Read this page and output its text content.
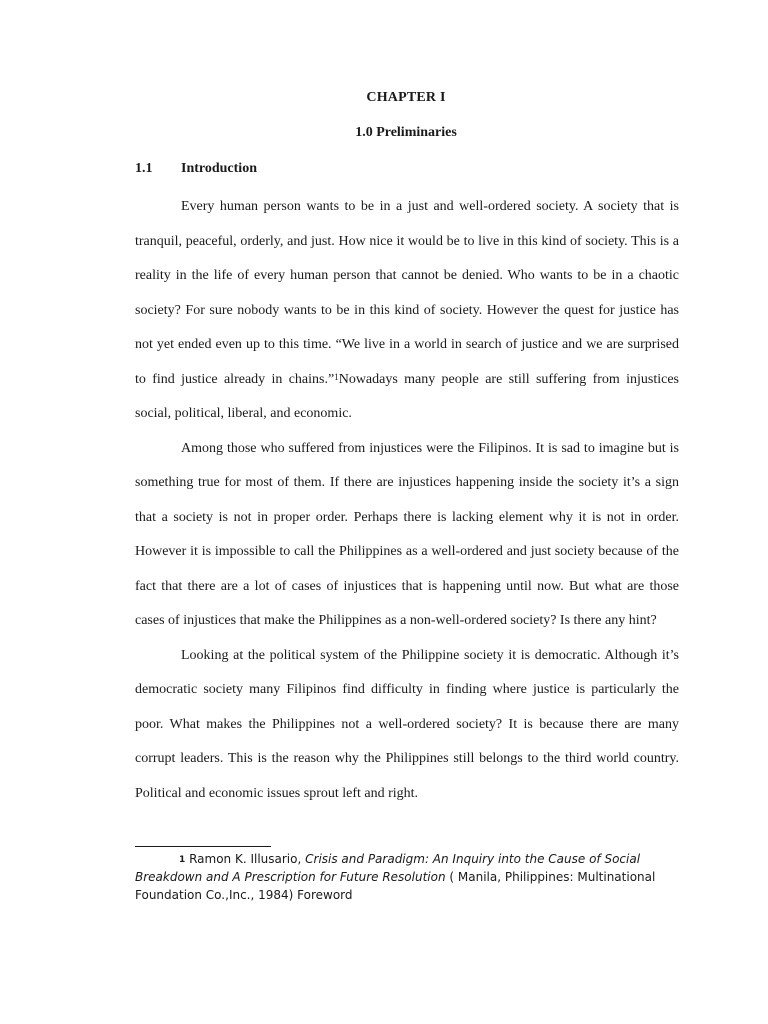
CHAPTER I
1.0 Preliminaries
1.1 Introduction

Every human person wants to be in a just and well-ordered society. A society that is tranquil, peaceful, orderly, and just. How nice it would be to live in this kind of society. This is a reality in the life of every human person that cannot be denied. Who wants to be in a chaotic society? For sure nobody wants to be in this kind of society. However the quest for justice has not yet ended even up to this time. “We live in a world in search of justice and we are surprised to find justice already in chains.”$^1$Nowadays many people are still suffering from injustices social, political, liberal, and economic.

Among those who suffered from injustices were the Filipinos. It is sad to imagine but is something true for most of them. If there are injustices happening inside the society it’s a sign that a society is not in proper order. Perhaps there is lacking element why it is not in order. However it is impossible to call the Philippines as a well-ordered and just society because of the fact that there are a lot of cases of injustices that is happening until now. But what are those cases of injustices that make the Philippines as a non-well-ordered society? Is there any hint?

Looking at the political system of the Philippine society it is democratic. Although it’s democratic society many Filipinos find difficulty in finding where justice is particularly the poor. What makes the Philippines not a well-ordered society? It is because there are many corrupt leaders. This is the reason why the Philippines still belongs to the third world country. Political and economic issues sprout left and right.

$^1$ Ramon K. Illusario, Crisis and Paradigm: An Inquiry into the Cause of Social Breakdown and A Prescription for Future Resolution ( Manila, Philippines: Multinational Foundation Co.,Inc., 1984) Foreword
